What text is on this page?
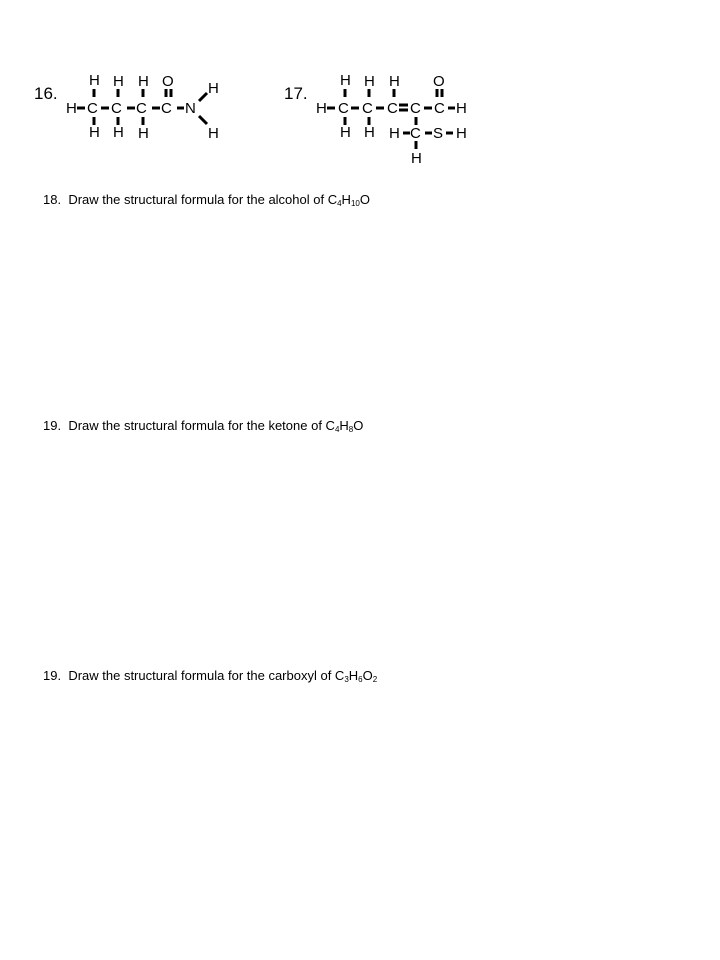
16.	17.
H H H O H
H C C C C N
H H H	H
H H H O
H C C C C C H
H H H C S H
H
18. Draw the structural formula for the alcohol of $C_4H_{10}O$
19. Draw the structural formula for the ketone of $C_4H_8O$
19. Draw the structural formula for the carboxyl of $C_3H_6O_2$
